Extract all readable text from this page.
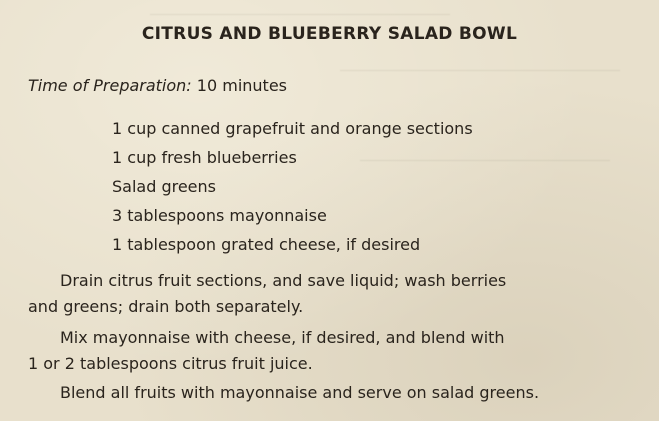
CITRUS AND BLUEBERRY SALAD BOWL
Time of Preparation: 10 minutes
1 cup canned grapefruit and orange sections
1 cup fresh blueberries
Salad greens
3 tablespoons mayonnaise
1 tablespoon grated cheese, if desired
Drain citrus fruit sections, and save liquid; wash berries
and greens; drain both separately.
Mix mayonnaise with cheese, if desired, and blend with
1 or 2 tablespoons citrus fruit juice.
Blend all fruits with mayonnaise and serve on salad greens.
